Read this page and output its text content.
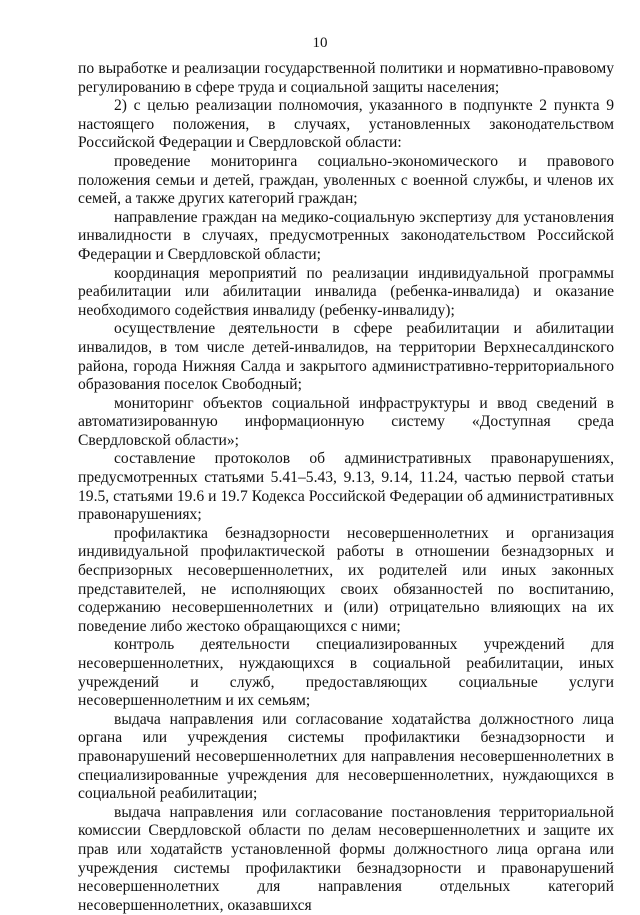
10

по выработке и реализации государственной политики и нормативно-правовому регулированию в сфере труда и социальной защиты населения;

2) с целью реализации полномочия, указанного в подпункте 2 пункта 9 настоящего положения, в случаях, установленных законодательством Российской Федерации и Свердловской области:

проведение мониторинга социально-экономического и правового положения семьи и детей, граждан, уволенных с военной службы, и членов их семей, а также других категорий граждан;

направление граждан на медико-социальную экспертизу для установления инвалидности в случаях, предусмотренных законодательством Российской Федерации и Свердловской области;

координация мероприятий по реализации индивидуальной программы реабилитации или абилитации инвалида (ребенка-инвалида) и оказание необходимого содействия инвалиду (ребенку-инвалиду);

осуществление деятельности в сфере реабилитации и абилитации инвалидов, в том числе детей-инвалидов, на территории Верхнесалдинского района, города Нижняя Салда и закрытого административно-территориального образования поселок Свободный;

мониторинг объектов социальной инфраструктуры и ввод сведений в автоматизированную информационную систему «Доступная среда Свердловской области»;

составление протоколов об административных правонарушениях, предусмотренных статьями 5.41–5.43, 9.13, 9.14, 11.24, частью первой статьи 19.5, статьями 19.6 и 19.7 Кодекса Российской Федерации об административных правонарушениях;

профилактика безнадзорности несовершеннолетних и организация индивидуальной профилактической работы в отношении безнадзорных и беспризорных несовершеннолетних, их родителей или иных законных представителей, не исполняющих своих обязанностей по воспитанию, содержанию несовершеннолетних и (или) отрицательно влияющих на их поведение либо жестоко обращающихся с ними;

контроль деятельности специализированных учреждений для несовершеннолетних, нуждающихся в социальной реабилитации, иных учреждений и служб, предоставляющих социальные услуги несовершеннолетним и их семьям;

выдача направления или согласование ходатайства должностного лица органа или учреждения системы профилактики безнадзорности и правонарушений несовершеннолетних для направления несовершеннолетних в специализированные учреждения для несовершеннолетних, нуждающихся в социальной реабилитации;

выдача направления или согласование постановления территориальной комиссии Свердловской области по делам несовершеннолетних и защите их прав или ходатайств установленной формы должностного лица органа или учреждения системы профилактики безнадзорности и правонарушений несовершеннолетних для направления отдельных категорий несовершеннолетних, оказавшихся
